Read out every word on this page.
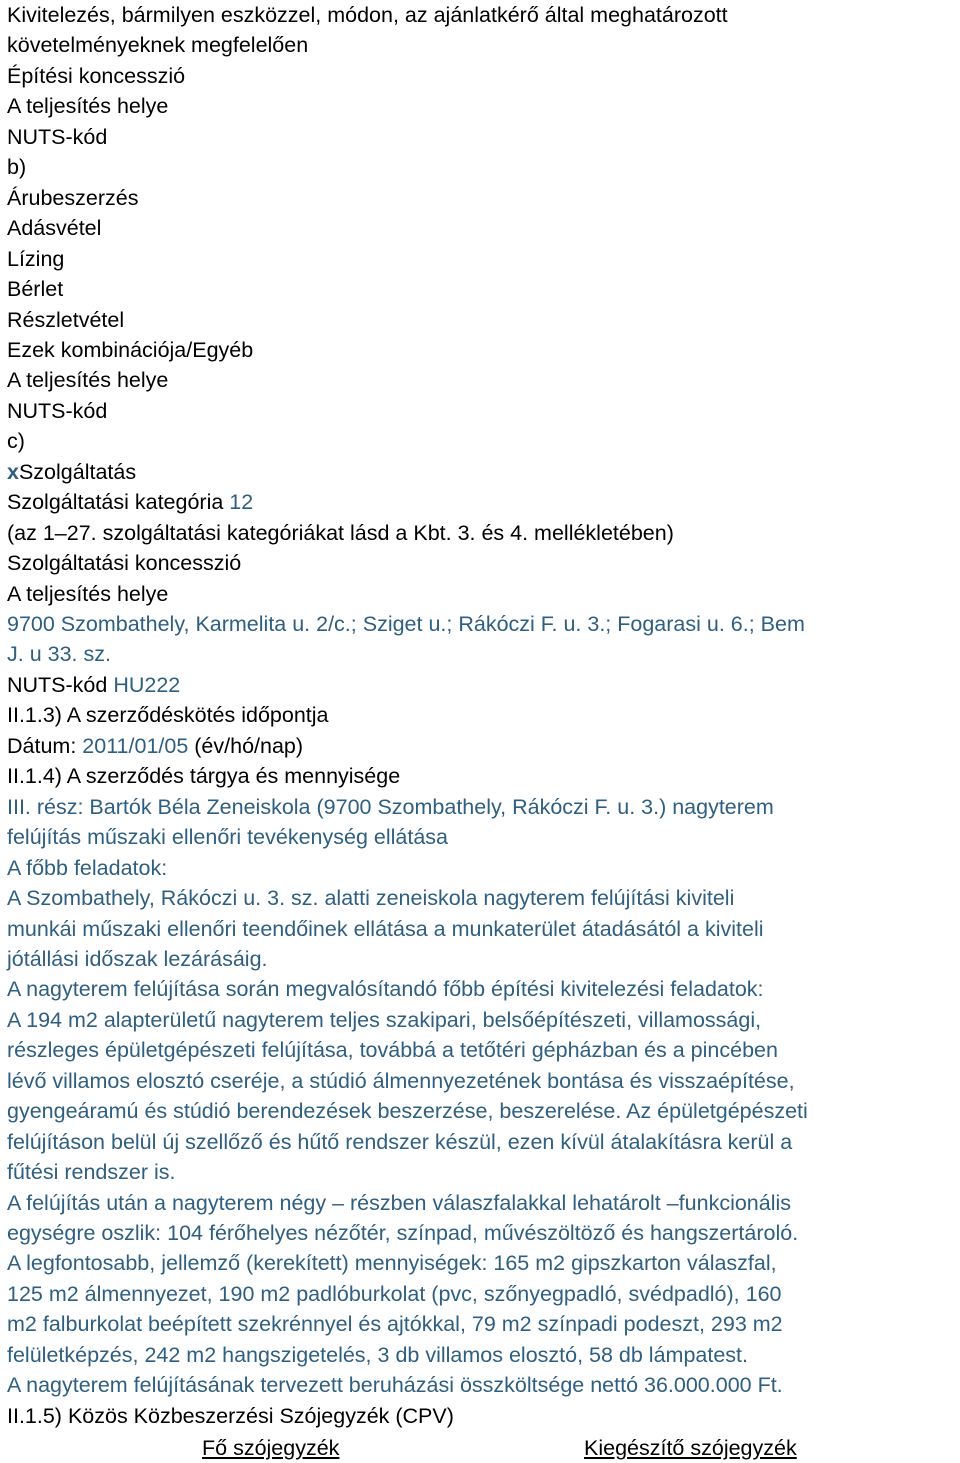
Kivitelezés, bármilyen eszközzel, módon, az ajánlatkérő által meghatározott
követelményeknek megfelelően
Építési koncesszió
A teljesítés helye
NUTS-kód
b)
Árubeszerzés
Adásvétel
Lízing
Bérlet
Részletvétel
Ezek kombinációja/Egyéb
A teljesítés helye
NUTS-kód
c)
xSzolgáltatás
Szolgáltatási kategória 12
(az 1–27. szolgáltatási kategóriákat lásd a Kbt. 3. és 4. mellékletében)
Szolgáltatási koncesszió
A teljesítés helye
9700 Szombathely, Karmelita u. 2/c.; Sziget u.; Rákóczi F. u. 3.; Fogarasi u. 6.; Bem
J. u 33. sz.
NUTS-kód HU222
II.1.3) A szerződéskötés időpontja
Dátum: 2011/01/05 (év/hó/nap)
II.1.4) A szerződés tárgya és mennyisége
III. rész: Bartók Béla Zeneiskola (9700 Szombathely, Rákóczi F. u. 3.) nagyterem
felújítás műszaki ellenőri tevékenység ellátása
A főbb feladatok:
A Szombathely, Rákóczi u. 3. sz. alatti zeneiskola nagyterem felújítási kiviteli
munkái műszaki ellenőri teendőinek ellátása a munkaterület átadásától a kiviteli
jótállási időszak lezárásáig.
A nagyterem felújítása során megvalósítandó főbb építési kivitelezési feladatok:
A 194 m2 alapterületű nagyterem teljes szakipari, belsőépítészeti, villamossági,
részleges épületgépészeti felújítása, továbbá a tetőtéri gépházban és a pincében
lévő villamos elosztó cseréje, a stúdió álmennyezetének bontása és visszaépítése,
gyengeáramú és stúdió berendezések beszerzése, beszerelése. Az épületgépészeti
felújításon belül új szellőző és hűtő rendszer készül, ezen kívül átalakításra kerül a
fűtési rendszer is.
A felújítás után a nagyterem négy – részben válaszfalakkal lehatárolt –funkcionális
egységre oszlik: 104 férőhelyes nézőtér, színpad, művészöltöző és hangszertároló.
A legfontosabb, jellemző (kerekített) mennyiségek: 165 m2 gipszkarton válaszfal,
125 m2 álmennyezet, 190 m2 padlóburkolat (pvc, szőnyegpadló, svédpadló), 160
m2 falburkolat beépített szekrénnyel és ajtókkal, 79 m2 színpadi podeszt, 293 m2
felületképzés, 242 m2 hangszigetelés, 3 db villamos elosztó, 58 db lámpatest.
A nagyterem felújításának tervezett beruházási összköltsége nettó 36.000.000 Ft.
II.1.5) Közös Közbeszerzési Szójegyzék (CPV)
Fő szójegyzék	Kiegészítő szójegyzék
